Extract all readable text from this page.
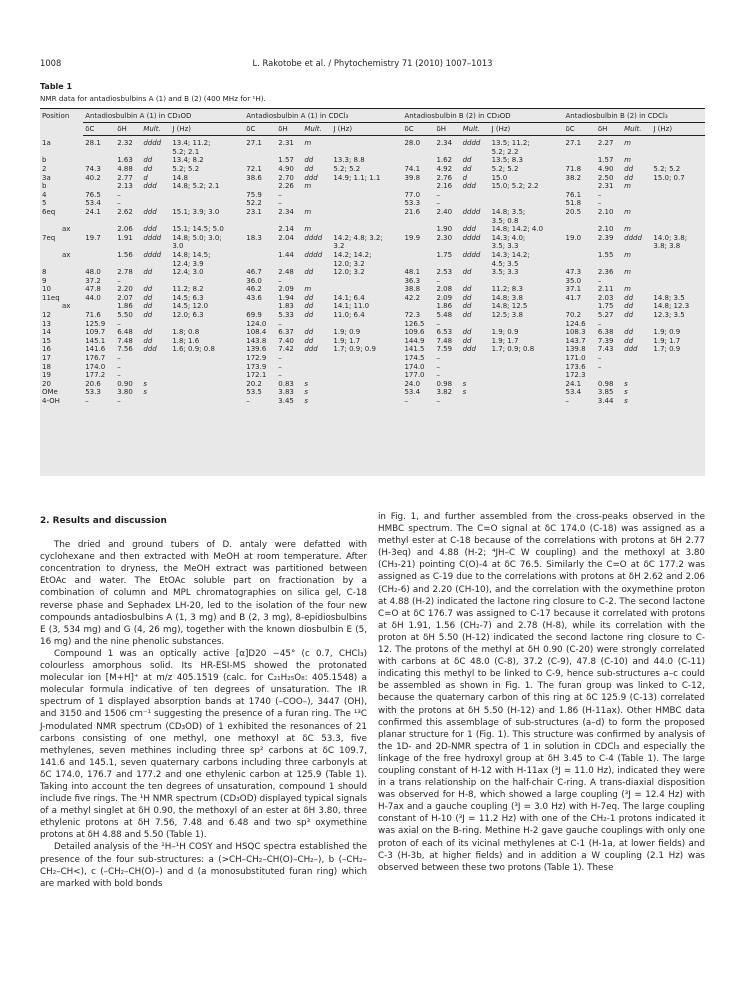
1008	L. Rakotobe et al. / Phytochemistry 71 (2010) 1007–1013
Table 1
NMR data for antadiosbulbins A (1) and B (2) (400 MHz for ¹H).
Position	Antadiosbulbin A (1) in CD₃OD				Antadiosbulbin A (1) in CDCl₃				Antadiosbulbin B (2) in CD₃OD				Antadiosbulbin B (2) in CDCl₃			
	δC	δH	Mult.	J (Hz)	δC	δH	Mult.	J (Hz)	δC	δH	Mult.	J (Hz)	δC	δH	Mult.	J (Hz)
1a	28.1	2.32	dddd	13.4; 11.2;	27.1	2.31	m		28.0	2.34	dddd	13.5; 11.2;	27.1	2.27	m	
				5.2; 2.1								5.2; 2.2				
b		1.63	dd	13.4; 8.2		1.57	dd	13.3; 8.8		1.62	dd	13.5; 8.3		1.57	m	
2	74.3	4.88	dd	5.2; 5.2	72.1	4.90	dd	5.2; 5.2	74.1	4.92	dd	5.2; 5.2	71.8	4.90	dd	5.2; 5.2
3a	40.2	2.77	d	14.8	38.6	2.70	ddd	14.9; 1.1; 1.1	39.8	2.76	d	15.0	38.2	2.50	dd	15.0; 0.7
b		2.13	ddd	14.8; 5.2; 2.1		2.26	m			2.16	ddd	15.0; 5.2; 2.2		2.31	m	
4	76.5	–			75.9	–			77.0	–			76.1	–		
5	53.4	–			52.2	–			53.3	–			51.8	–		
6eq	24.1	2.62	ddd	15.1; 3.9; 3.0	23.1	2.34	m		21.6	2.40	dddd	14.8; 3.5;	20.5	2.10	m	
												3.5; 0.8				
ax		2.06	ddd	15.1; 14.5; 5.0		2.14	m			1.90	ddd	14.8; 14.2; 4.0		2.10	m	
7eq	19.7	1.91	dddd	14.8; 5.0; 3.0;	18.3	2.04	dddd	14.2; 4.8; 3.2;	19.9	2.30	dddd	14.3; 4.0;	19.0	2.39	dddd	14.0; 3.8;
				3.0				3.2				3.5; 3.3				3.8; 3.8
ax		1.56	dddd	14.8; 14.5;		1.44	dddd	14.2; 14.2;		1.75	dddd	14.3; 14.2;		1.55	m	
				12.4; 3.9				12.0; 3.2				4.5; 3.5				
8	48.0	2.78	dd	12.4; 3.0	46.7	2.48	dd	12.0; 3.2	48.1	2.53	dd	3.5; 3.3	47.3	2.36	m	
9	37.2	–			36.0	–			36.3	–			35.0	–		
10	47.8	2.20	dd	11.2; 8.2	46.2	2.09	m		38.8	2.08	dd	11.2; 8.3	37.1	2.11	m	
11eq	44.0	2.07	dd	14.5; 6.3	43.6	1.94	dd	14.1; 6.4	42.2	2.09	dd	14.8; 3.8	41.7	2.03	dd	14.8; 3.5
ax		1.86	dd	14.5; 12.0		1.83	dd	14.1; 11.0		1.86	dd	14.8; 12.5		1.75	dd	14.8; 12.3
12	71.6	5.50	dd	12.0; 6.3	69.9	5.33	dd	11.0; 6.4	72.3	5.48	dd	12.5; 3.8	70.2	5.27	dd	12.3; 3.5
13	125.9	–			124.0	–			126.5	–			124.6	–		
14	109.7	6.48	dd	1.8; 0.8	108.4	6.37	dd	1.9; 0.9	109.6	6.53	dd	1.9; 0.9	108.3	6.38	dd	1.9; 0.9
15	145.1	7.48	dd	1.8; 1.6	143.8	7.40	dd	1.9; 1.7	144.9	7.48	dd	1.9; 1.7	143.7	7.39	dd	1.9; 1.7
16	141.6	7.56	ddd	1.6; 0.9; 0.8	139.6	7.42	ddd	1.7; 0.9; 0.9	141.5	7.59	ddd	1.7; 0.9; 0.8	139.8	7.43	ddd	1.7; 0.9
17	176.7	–			172.9	–			174.5	–			171.0	–		
18	174.0	–			173.9	–			174.0	–			173.6	–		
19	177.2	–			172.1	–			177.0	–			172.3			
20	20.6	0.90	s		20.2	0.83	s		24.0	0.98	s		24.1	0.98	s	
OMe	53.3	3.80	s		53.5	3.83	s		53.4	3.82	s		53.4	3.85	s	
4-OH	–	–			–	3.45	s		–	–			–	3.44	s	
2. Results and discussion

The dried and ground tubers of D. antaly were defatted with cyclohexane and then extracted with MeOH at room temperature. After concentration to dryness, the MeOH extract was partitioned between EtOAc and water. The EtOAc soluble part on fractionation by a combination of column and MPL chromatographies on silica gel, C-18 reverse phase and Sephadex LH-20, led to the isolation of the four new compounds antadiosbulbins A (1, 3 mg) and B (2, 3 mg), 8-epidiosbulbins E (3, 534 mg) and G (4, 26 mg), together with the known diosbulbin E (5, 16 mg) and the nine phenolic substances.

Compound 1 was an optically active [α]D20 −45° (c 0.7, CHCl₃) colourless amorphous solid. Its HR-ESI-MS showed the protonated molecular ion [M+H]⁺ at m/z 405.1519 (calc. for C₂₁H₂₅O₈: 405.1548) a molecular formula indicative of ten degrees of unsaturation. The IR spectrum of 1 displayed absorption bands at 1740 (–COO–), 3447 (OH), and 3150 and 1506 cm⁻¹ suggesting the presence of a furan ring. The ¹³C J-modulated NMR spectrum (CD₃OD) of 1 exhibited the resonances of 21 carbons consisting of one methyl, one methoxyl at δC 53.3, five methylenes, seven methines including three sp² carbons at δC 109.7, 141.6 and 145.1, seven quaternary carbons including three carbonyls at δC 174.0, 176.7 and 177.2 and one ethylenic carbon at 125.9 (Table 1). Taking into account the ten degrees of unsaturation, compound 1 should include five rings. The ¹H NMR spectrum (CD₃OD) displayed typical signals of a methyl singlet at δH 0.90, the methoxyl of an ester at δH 3.80, three ethylenic protons at δH 7.56, 7.48 and 6.48 and two sp³ oxymethine protons at δH 4.88 and 5.50 (Table 1).

Detailed analysis of the ¹H–¹H COSY and HSQC spectra established the presence of the four sub-structures: a (>CH–CH₂–CH(O)–CH₂–), b (–CH₂–CH₂–CH<), c (–CH₂–CH(O)–) and d (a monosubstituted furan ring) which are marked with bold bonds

in Fig. 1, and further assembled from the cross-peaks observed in the HMBC spectrum. The C=O signal at δC 174.0 (C-18) was assigned as a methyl ester at C-18 because of the correlations with protons at δH 2.77 (H-3eq) and 4.88 (H-2; ⁴JH–C W coupling) and the methoxyl at 3.80 (CH₃-21) pointing C(O)-4 at δC 76.5. Similarly the C=O at δC 177.2 was assigned as C-19 due to the correlations with protons at δH 2.62 and 2.06 (CH₂-6) and 2.20 (CH-10), and the correlation with the oxymethine proton at 4.88 (H-2) indicated the lactone ring closure to C-2. The second lactone C=O at δC 176.7 was assigned to C-17 because it correlated with protons at δH 1.91, 1.56 (CH₂-7) and 2.78 (H-8), while its correlation with the proton at δH 5.50 (H-12) indicated the second lactone ring closure to C-12. The protons of the methyl at δH 0.90 (C-20) were strongly correlated with carbons at δC 48.0 (C-8), 37.2 (C-9), 47.8 (C-10) and 44.0 (C-11) indicating this methyl to be linked to C-9, hence sub-structures a–c could be assembled as shown in Fig. 1. The furan group was linked to C-12, because the quaternary carbon of this ring at δC 125.9 (C-13) correlated with the protons at δH 5.50 (H-12) and 1.86 (H-11ax). Other HMBC data confirmed this assemblage of sub-structures (a–d) to form the proposed planar structure for 1 (Fig. 1). This structure was confirmed by analysis of the 1D- and 2D-NMR spectra of 1 in solution in CDCl₃ and especially the linkage of the free hydroxyl group at δH 3.45 to C-4 (Table 1). The large coupling constant of H-12 with H-11ax (³J = 11.0 Hz), indicated they were in a trans relationship on the half-chair C-ring. A trans-diaxial disposition was observed for H-8, which showed a large coupling (³J = 12.4 Hz) with H-7ax and a gauche coupling (³J = 3.0 Hz) with H-7eq. The large coupling constant of H-10 (³J = 11.2 Hz) with one of the CH₂-1 protons indicated it was axial on the B-ring. Methine H-2 gave gauche couplings with only one proton of each of its vicinal methylenes at C-1 (H-1a, at lower fields) and C-3 (H-3b, at higher fields) and in addition a W coupling (2.1 Hz) was observed between these two protons (Table 1). These
